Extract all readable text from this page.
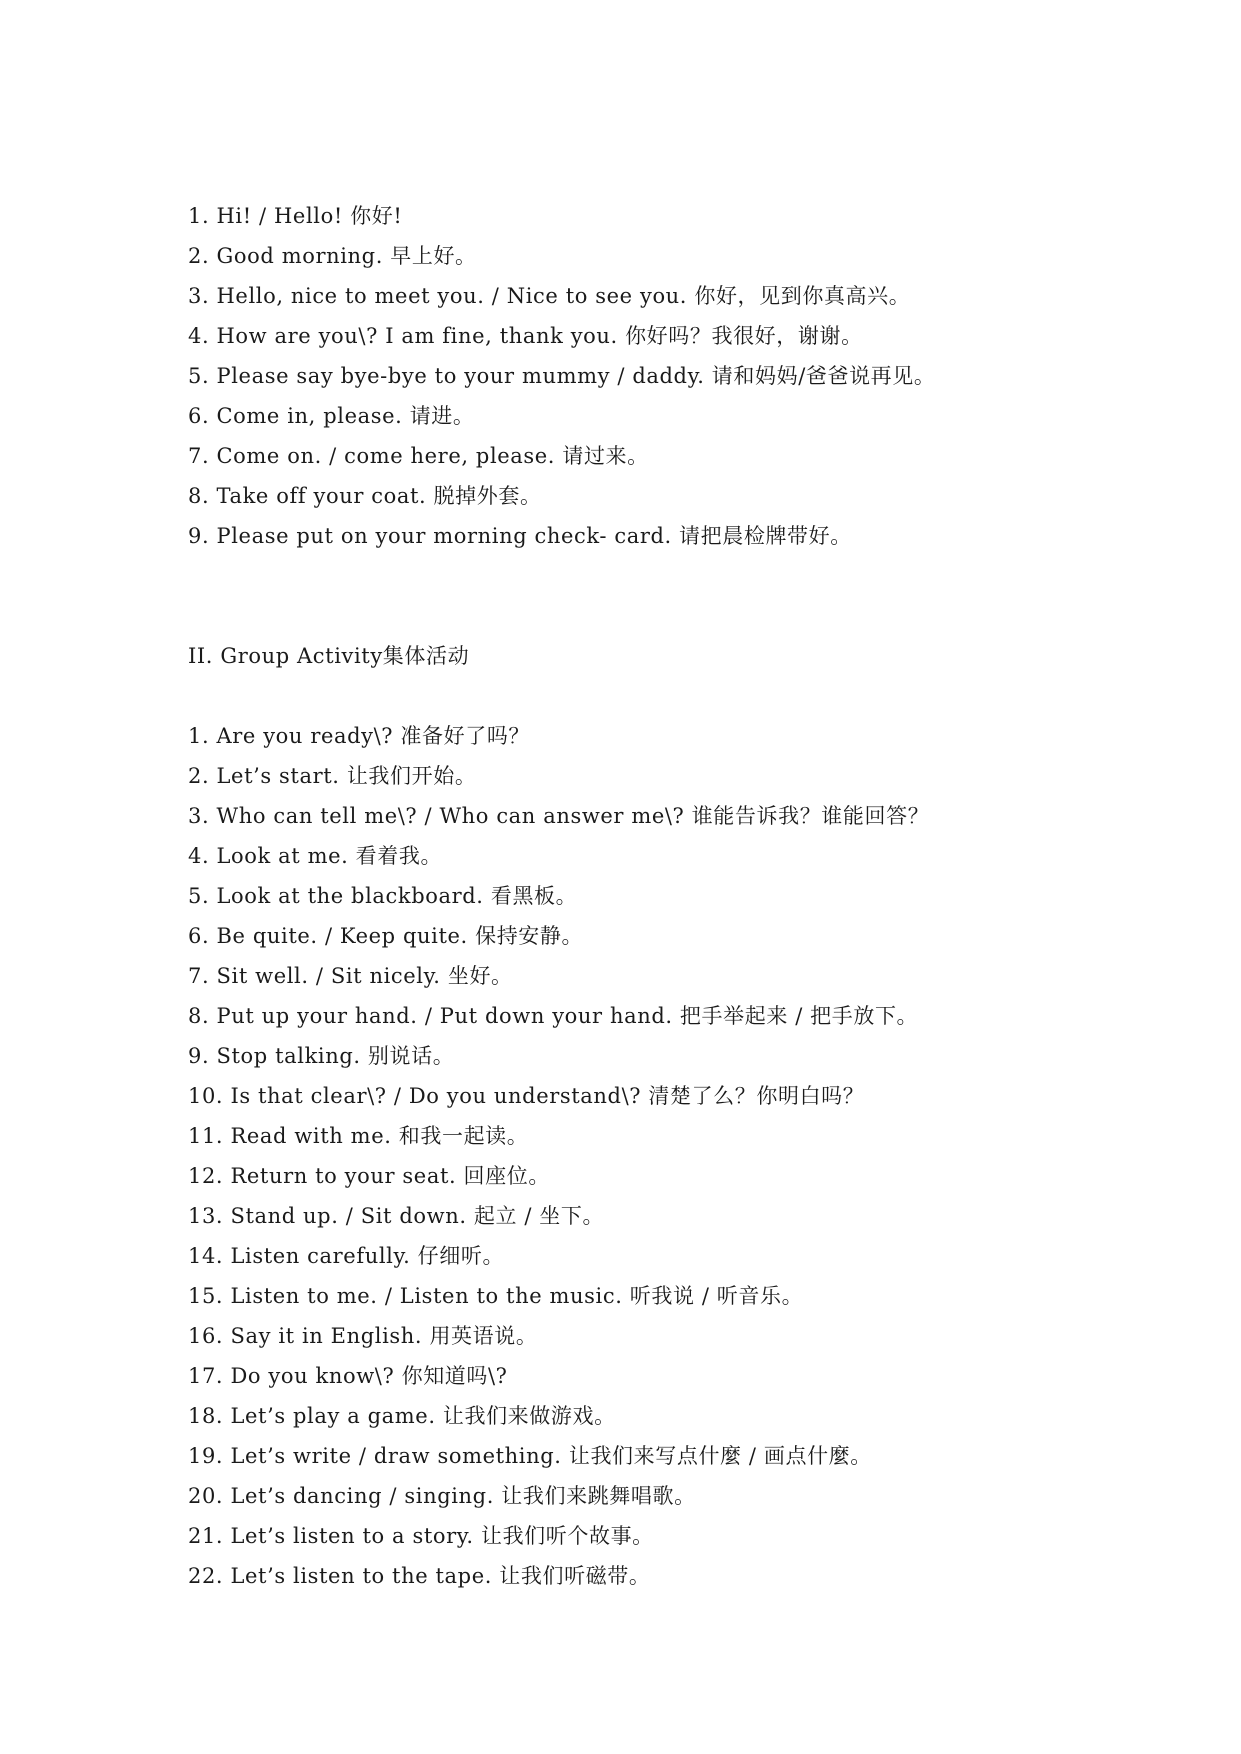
1. Hi! / Hello! 你好!
2. Good morning. 早上好。
3. Hello, nice to meet you. / Nice to see you. 你好，见到你真高兴。
4. How are you\? I am fine, thank you. 你好吗？我很好，谢谢。
5. Please say bye-bye to your mummy / daddy. 请和妈妈/爸爸说再见。
6. Come in, please. 请进。
7. Come on. / come here, please. 请过来。
8. Take off your coat. 脱掉外套。
9. Please put on your morning check- card. 请把晨检牌带好。
II. Group Activity集体活动
1. Are you ready\? 准备好了吗？
2. Let’s start. 让我们开始。
3. Who can tell me\? / Who can answer me\? 谁能告诉我？谁能回答？
4. Look at me. 看着我。
5. Look at the blackboard. 看黑板。
6. Be quite. / Keep quite. 保持安静。
7. Sit well. / Sit nicely. 坐好。
8. Put up your hand. / Put down your hand. 把手举起来 / 把手放下。
9. Stop talking. 别说话。
10. Is that clear\? / Do you understand\? 清楚了么？你明白吗？
11. Read with me. 和我一起读。
12. Return to your seat. 回座位。
13. Stand up. / Sit down. 起立 / 坐下。
14. Listen carefully. 仔细听。
15. Listen to me. / Listen to the music. 听我说 / 听音乐。
16. Say it in English. 用英语说。
17. Do you know\? 你知道吗\?
18. Let’s play a game. 让我们来做游戏。
19. Let’s write / draw something. 让我们来写点什麼 / 画点什麼。
20. Let’s dancing / singing. 让我们来跳舞唱歌。
21. Let’s listen to a story. 让我们听个故事。
22. Let’s listen to the tape. 让我们听磁带。
